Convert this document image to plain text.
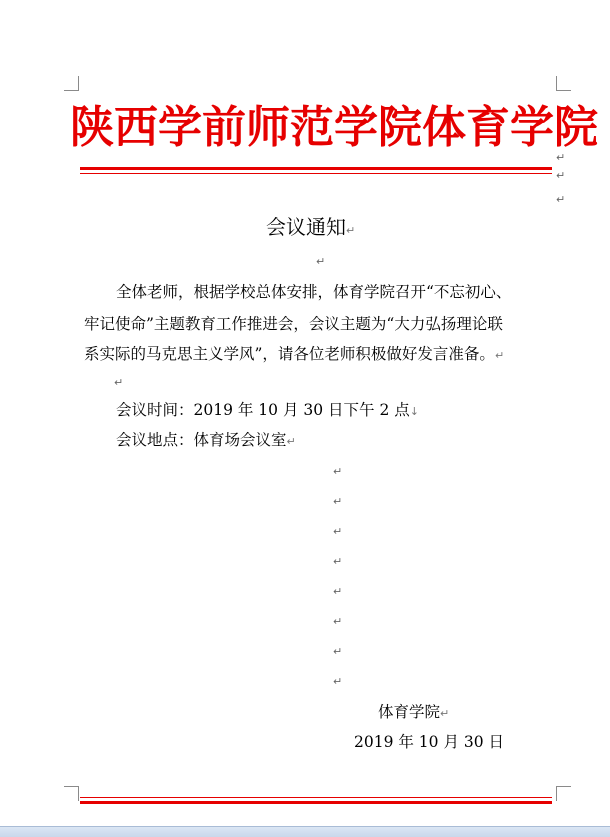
陕西学前师范学院体育学院
↵
↵
↵
会议通知↵
↵
全体老师，根据学校总体安排，体育学院召开“不忘初心、
牢记使命”主题教育工作推进会，会议主题为“大力弘扬理论联
系实际的马克思主义学风”，请各位老师积极做好发言准备。↵
↵
会议时间：2019 年 10 月 30 日下午 2 点↓
会议地点：体育场会议室↵
↵
↵
↵
↵
↵
↵
↵
↵
体育学院↵
2019 年 10 月 30 日
